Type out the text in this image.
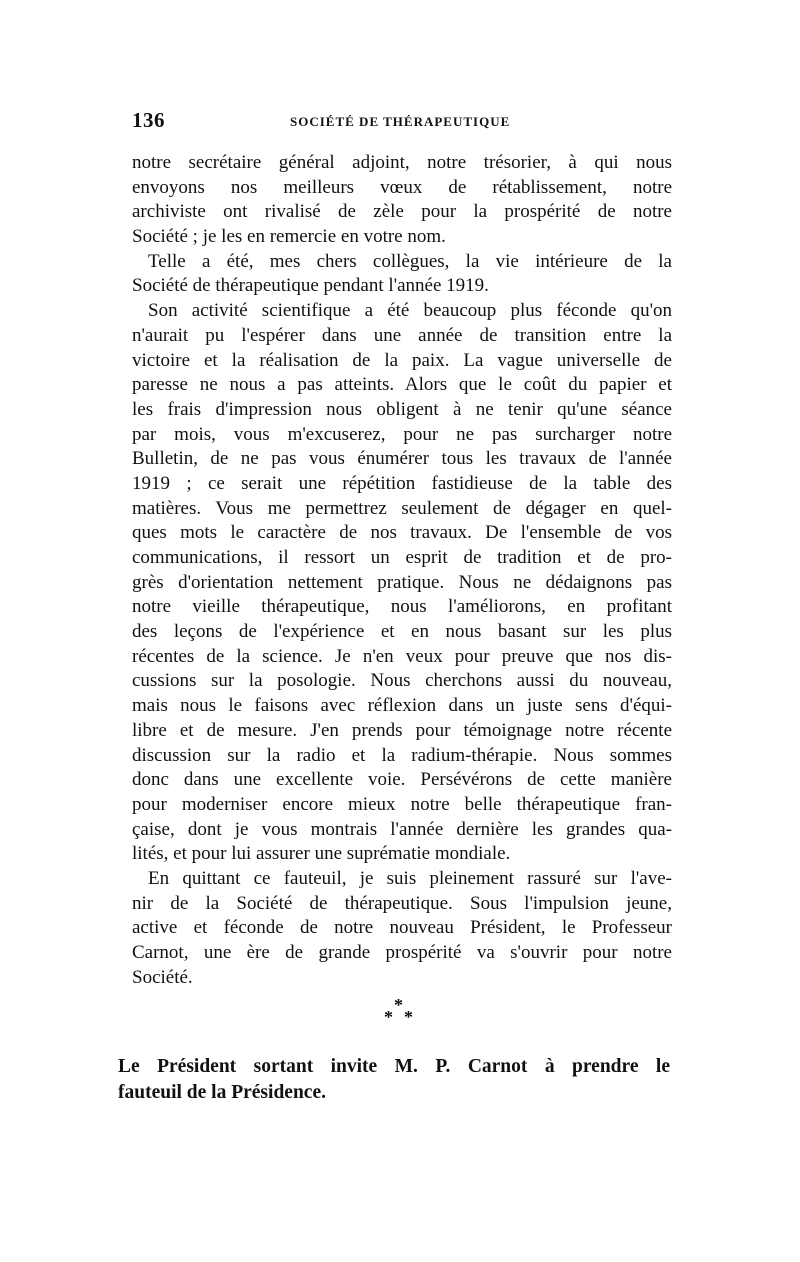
136	SOCIÉTÉ DE THÉRAPEUTIQUE
notre secrétaire général adjoint, notre trésorier, à qui nous
envoyons nos meilleurs vœux de rétablissement, notre
archiviste ont rivalisé de zèle pour la prospérité de notre
Société ; je les en remercie en votre nom.
Telle a été, mes chers collègues, la vie intérieure de la
Société de thérapeutique pendant l'année 1919.
Son activité scientifique a été beaucoup plus féconde qu'on
n'aurait pu l'espérer dans une année de transition entre la
victoire et la réalisation de la paix. La vague universelle de
paresse ne nous a pas atteints. Alors que le coût du papier et
les frais d'impression nous obligent à ne tenir qu'une séance
par mois, vous m'excuserez, pour ne pas surcharger notre
Bulletin, de ne pas vous énumérer tous les travaux de l'année
1919 ; ce serait une répétition fastidieuse de la table des
matières. Vous me permettrez seulement de dégager en quel-
ques mots le caractère de nos travaux. De l'ensemble de vos
communications, il ressort un esprit de tradition et de pro-
grès d'orientation nettement pratique. Nous ne dédaignons pas
notre vieille thérapeutique, nous l'améliorons, en profitant
des leçons de l'expérience et en nous basant sur les plus
récentes de la science. Je n'en veux pour preuve que nos dis-
cussions sur la posologie. Nous cherchons aussi du nouveau,
mais nous le faisons avec réflexion dans un juste sens d'équi-
libre et de mesure. J'en prends pour témoignage notre récente
discussion sur la radio et la radium-thérapie. Nous sommes
donc dans une excellente voie. Persévérons de cette manière
pour moderniser encore mieux notre belle thérapeutique fran-
çaise, dont je vous montrais l'année dernière les grandes qua-
lités, et pour lui assurer une suprématie mondiale.
En quittant ce fauteuil, je suis pleinement rassuré sur l'ave-
nir de la Société de thérapeutique. Sous l'impulsion jeune,
active et féconde de notre nouveau Président, le Professeur
Carnot, une ère de grande prospérité va s'ouvrir pour notre
Société.
*
* *
Le Président sortant invite M. P. Carnot à prendre le
fauteuil de la Présidence.
